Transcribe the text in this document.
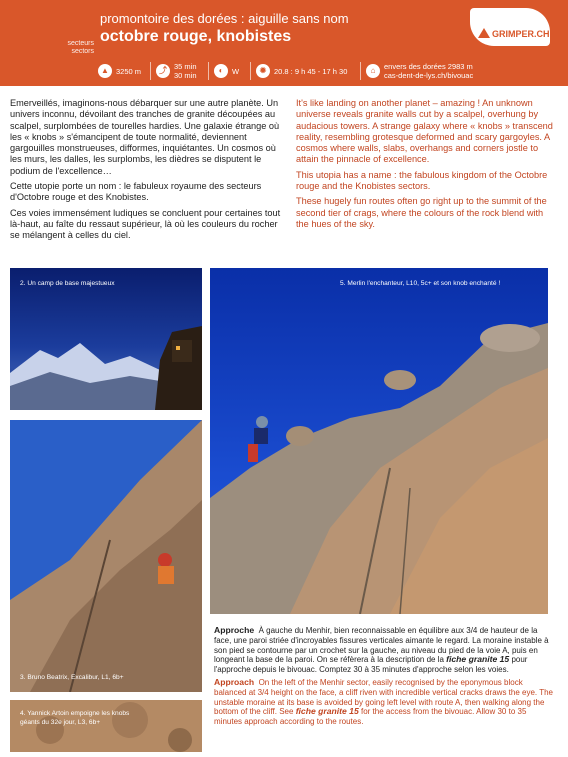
promontoire des dorées : aiguille sans nom
secteurs sectors
octobre rouge, knobistes	GRIMPER.CH
▲ 3250 m	⤴ 35 min
30 min
◐	W	✹	20.8 : 9 h 45 - 17 h 30	⌂	envers des dorées 2983 m
cas-dent-de-lys.ch/bivouac

Emerveillés, imaginons-nous débarquer sur une autre planète. Un univers inconnu, dévoilant des tranches de granite découpées au scalpel, surplombées de tourelles hardies. Une galaxie étrange où les « knobs » s'émancipent de toute normalité, deviennent gargouilles monstrueuses, difformes, inquiétantes. Un cosmos où les murs, les dalles, les surplombs, les dièdres se disputent le podium de l'excellence…

Cette utopie porte un nom : le fabuleux royaume des secteurs d'Octobre rouge et des Knobistes.

Ces voies immensément ludiques se concluent pour certaines tout là-haut, au faîte du ressaut supérieur, là où les couleurs du rocher se mélangent à celles du ciel.

It's like landing on another planet – amazing ! An unknown universe reveals granite walls cut by a scalpel, overhung by audacious towers. A strange galaxy where « knobs » transcend reality, resembling grotesque deformed and scary gargoyles. A cosmos where walls, slabs, overhangs and corners jostle to attain the pinnacle of excellence.

This utopia has a name : the fabulous kingdom of the Octobre rouge and the Knobistes sectors.

These hugely fun routes often go right up to the summit of the second tier of crags, where the colours of the rock blend with the hues of the sky.

2. Un camp de base majestueux
3. Bruno Beatrix, Excalibur, L1, 6b+
4. Yannick Artoin empoigne les knobs
géants du 32e jour, L3, 6b+
5. Merlin l'enchanteur, L10, 5c+ et son knob enchanté !

Approche À gauche du Menhir, bien reconnaissable en équilibre aux 3/4 de hauteur de la face, une paroi striée d'incroyables fissures verticales aimante le regard. La moraine instable à son pied se contourne par un crochet sur la gauche, au niveau du pied de la voie A, puis en longeant la base de la paroi. On se réfèrera à la description de la fiche granite 15 pour l'approche depuis le bivouac. Comptez 30 à 35 minutes d'approche selon les voies.

Approach On the left of the Menhir sector, easily recognised by the eponymous block balanced at 3/4 height on the face, a cliff riven with incredible vertical cracks draws the eye. The unstable moraine at its base is avoided by going left level with route A, then walking along the bottom of the cliff. See fiche granite 15 for the access from the bivouac. Allow 30 to 35 minutes approach according to the routes.
